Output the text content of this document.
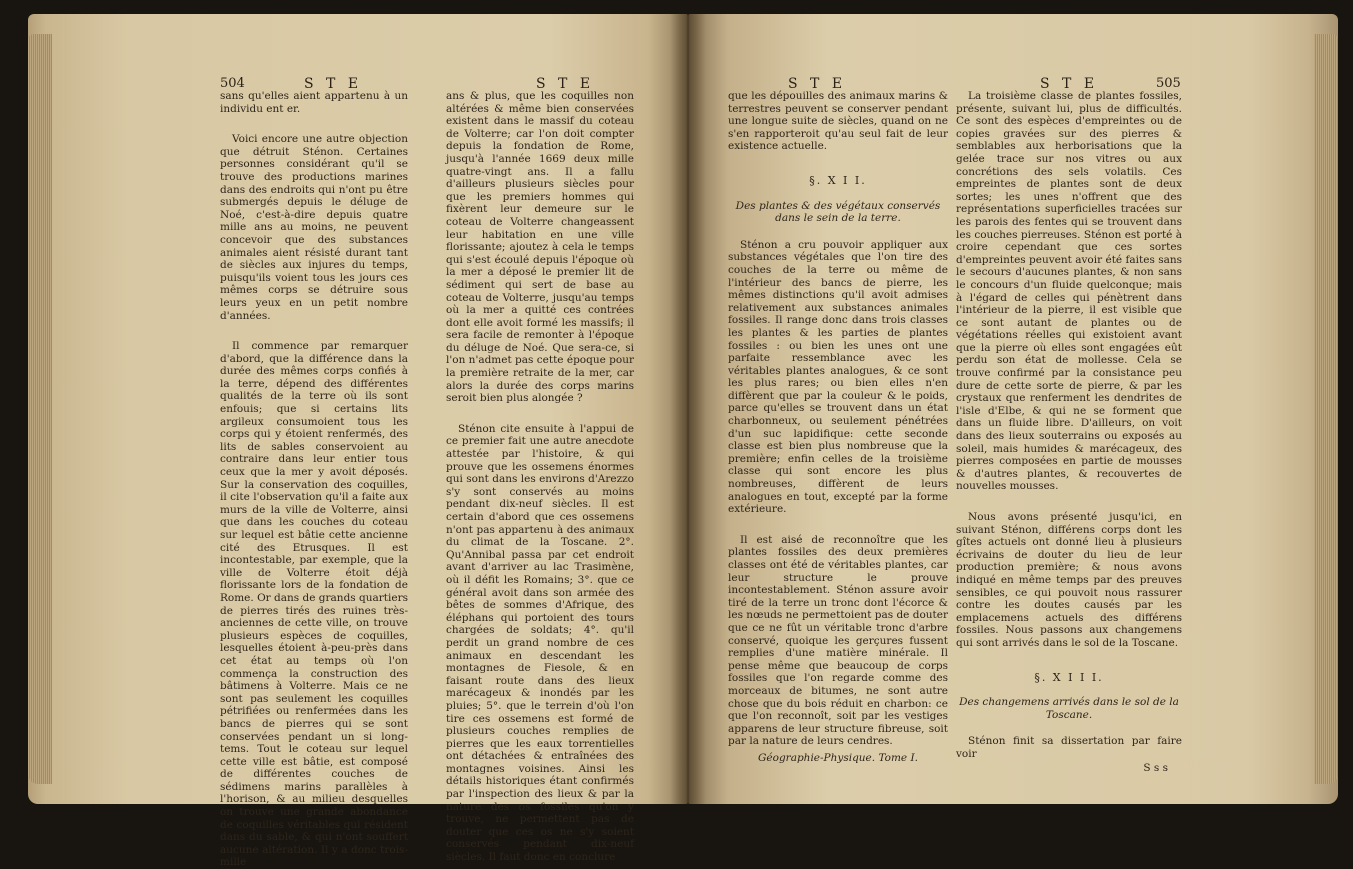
504	S T E	S T E

sans qu'elles aient appartenu à un individu ent er.

Voici encore une autre objection que détruit Sténon. Certaines personnes considérant qu'il se trouve des productions marines dans des endroits qui n'ont pu être submergés depuis le déluge de Noé, c'est-à-dire depuis quatre mille ans au moins, ne peuvent concevoir que des substances animales aient résisté durant tant de siècles aux injures du temps, puisqu'ils voient tous les jours ces mêmes corps se détruire sous leurs yeux en un petit nombre d'années.

Il commence par remarquer d'abord, que la différence dans la durée des mêmes corps confiés à la terre, dépend des différentes qualités de la terre où ils sont enfouis; que si certains lits argileux consumoient tous les corps qui y étoient renfermés, des lits de sables conservoient au contraire dans leur entier tous ceux que la mer y avoit déposés. Sur la conservation des coquilles, il cite l'observation qu'il a faite aux murs de la ville de Volterre, ainsi que dans les couches du coteau sur lequel est bâtie cette ancienne cité des Etrusques. Il est incontestable, par exemple, que la ville de Volterre étoit déjà florissante lors de la fondation de Rome. Or dans de grands quartiers de pierres tirés des ruines très-anciennes de cette ville, on trouve plusieurs espèces de coquilles, lesquelles étoient à-peu-près dans cet état au temps où l'on commença la construction des bâtimens à Volterre. Mais ce ne sont pas seulement les coquilles pétrifiées ou renfermées dans les bancs de pierres qui se sont conservées pendant un si long-tems. Tout le coteau sur lequel cette ville est bâtie, est composé de différentes couches de sédimens marins parallèles à l'horison, & au milieu desquelles on trouve une grande abondance de coquilles véritables qui résident dans du sable, & qui n'ont souffert aucune altération. Il y a donc trois-mille

ans & plus, que les coquilles non altérées & même bien conservées existent dans le massif du coteau de Volterre; car l'on doit compter depuis la fondation de Rome, jusqu'à l'année 1669 deux mille quatre-vingt ans. Il a fallu d'ailleurs plusieurs siècles pour que les premiers hommes qui fixèrent leur demeure sur le coteau de Volterre changeassent leur habitation en une ville florissante; ajoutez à cela le temps qui s'est écoulé depuis l'époque où la mer a déposé le premier lit de sédiment qui sert de base au coteau de Volterre, jusqu'au temps où la mer a quitté ces contrées dont elle avoit formé les massifs; il sera facile de remonter à l'époque du déluge de Noé. Que sera-ce, si l'on n'admet pas cette époque pour la première retraite de la mer, car alors la durée des corps marins seroit bien plus alongée ?

Sténon cite ensuite à l'appui de ce premier fait une autre anecdote attestée par l'histoire, & qui prouve que les ossemens énormes qui sont dans les environs d'Arezzo s'y sont conservés au moins pendant dix-neuf siècles. Il est certain d'abord que ces ossemens n'ont pas appartenu à des animaux du climat de la Toscane. 2°. Qu'Annibal passa par cet endroit avant d'arriver au lac Trasimène, où il défit les Romains; 3°. que ce général avoit dans son armée des bêtes de sommes d'Afrique, des éléphans qui portoient des tours chargées de soldats; 4°. qu'il perdit un grand nombre de ces animaux en descendant les montagnes de Fiesole, & en faisant route dans des lieux marécageux & inondés par les pluies; 5°. que le terrein d'où l'on tire ces ossemens est formé de plusieurs couches remplies de pierres que les eaux torrentielles ont détachées & entraînées des montagnes voisines. Ainsi les détails historiques étant confirmés par l'inspection des lieux & par la nature des os fossiles qu'on y trouve, ne permettent pas de douter que ces os ne s'y soient conservés pendant dix-neuf siècles. Il faut donc en conclure

S T E	S T E	505

que les dépouilles des animaux marins & terrestres peuvent se conserver pendant une longue suite de siècles, quand on ne s'en rapporteroit qu'au seul fait de leur existence actuelle.

§. X I I.
Des plantes & des végétaux conservés dans le sein de la terre.

Sténon a cru pouvoir appliquer aux substances végétales que l'on tire des couches de la terre ou même de l'intérieur des bancs de pierre, les mêmes distinctions qu'il avoit admises relativement aux substances animales fossiles. Il range donc dans trois classes les plantes & les parties de plantes fossiles : ou bien les unes ont une parfaite ressemblance avec les véritables plantes analogues, & ce sont les plus rares; ou bien elles n'en diffèrent que par la couleur & le poids, parce qu'elles se trouvent dans un état charbonneux, ou seulement pénétrées d'un suc lapidifique: cette seconde classe est bien plus nombreuse que la première; enfin celles de la troisième classe qui sont encore les plus nombreuses, diffèrent de leurs analogues en tout, excepté par la forme extérieure.

Il est aisé de reconnoître que les plantes fossiles des deux premières classes ont été de véritables plantes, car leur structure le prouve incontestablement. Sténon assure avoir tiré de la terre un tronc dont l'écorce & les nœuds ne permettoient pas de douter que ce ne fût un véritable tronc d'arbre conservé, quoique les gerçures fussent remplies d'une matière minérale. Il pense même que beaucoup de corps fossiles que l'on regarde comme des morceaux de bitumes, ne sont autre chose que du bois réduit en charbon: ce que l'on reconnoît, soit par les vestiges apparens de leur structure fibreuse, soit par la nature de leurs cendres.

Géographie-Physique. Tome I.

La troisième classe de plantes fossiles, présente, suivant lui, plus de difficultés. Ce sont des espèces d'empreintes ou de copies gravées sur des pierres & semblables aux herborisations que la gelée trace sur nos vitres ou aux concrétions des sels volatils. Ces empreintes de plantes sont de deux sortes; les unes n'offrent que des représentations superficielles tracées sur les parois des fentes qui se trouvent dans les couches pierreuses. Sténon est porté à croire cependant que ces sortes d'empreintes peuvent avoir été faites sans le secours d'aucunes plantes, & non sans le concours d'un fluide quelconque; mais à l'égard de celles qui pénètrent dans l'intérieur de la pierre, il est visible que ce sont autant de plantes ou de végétations réelles qui existoient avant que la pierre où elles sont engagées eût perdu son état de mollesse. Cela se trouve confirmé par la consistance peu dure de cette sorte de pierre, & par les crystaux que renferment les dendrites de l'isle d'Elbe, & qui ne se forment que dans un fluide libre. D'ailleurs, on voit dans des lieux souterrains ou exposés au soleil, mais humides & marécageux, des pierres composées en partie de mousses & d'autres plantes, & recouvertes de nouvelles mousses.

Nous avons présenté jusqu'ici, en suivant Sténon, différens corps dont les gîtes actuels ont donné lieu à plusieurs écrivains de douter du lieu de leur production première; & nous avons indiqué en même temps par des preuves sensibles, ce qui pouvoit nous rassurer contre les doutes causés par les emplacemens actuels des différens fossiles. Nous passons aux changemens qui sont arrivés dans le sol de la Toscane.

§. X I I I.
Des changemens arrivés dans le sol de la Toscane.

Sténon finit sa dissertation par faire voir

S s s
